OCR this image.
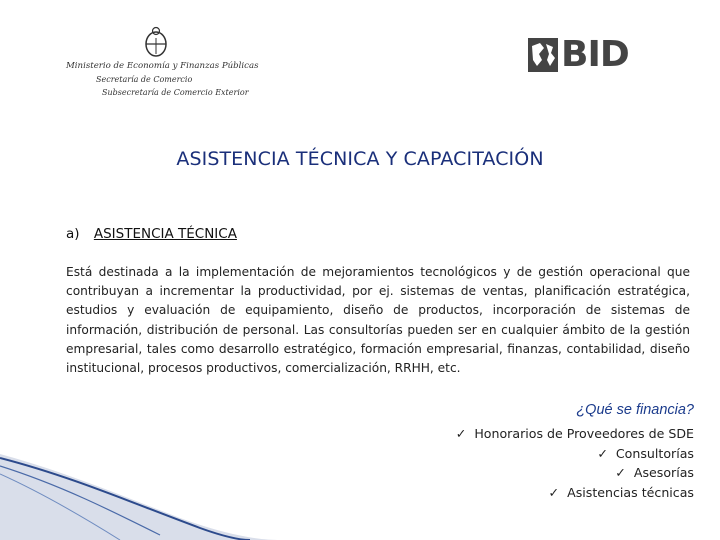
Ministerio de Economía y Finanzas Públicas
Secretaría de Comercio
Subsecretaría de Comercio Exterior
BID
ASISTENCIA TÉCNICA Y CAPACITACIÓN
a) ASISTENCIA TÉCNICA
Está destinada a la implementación de mejoramientos tecnológicos y de gestión operacional que contribuyan a incrementar la productividad, por ej. sistemas de ventas, planificación estratégica, estudios y evaluación de equipamiento, diseño de productos, incorporación de sistemas de información, distribución de personal. Las consultorías pueden ser en cualquier ámbito de la gestión empresarial, tales como desarrollo estratégico, formación empresarial, finanzas, contabilidad, diseño institucional, procesos productivos, comercialización, RRHH, etc.
¿Qué se financia?
✓ Honorarios de Proveedores de SDE
✓ Consultorías
✓ Asesorías
✓ Asistencias técnicas
